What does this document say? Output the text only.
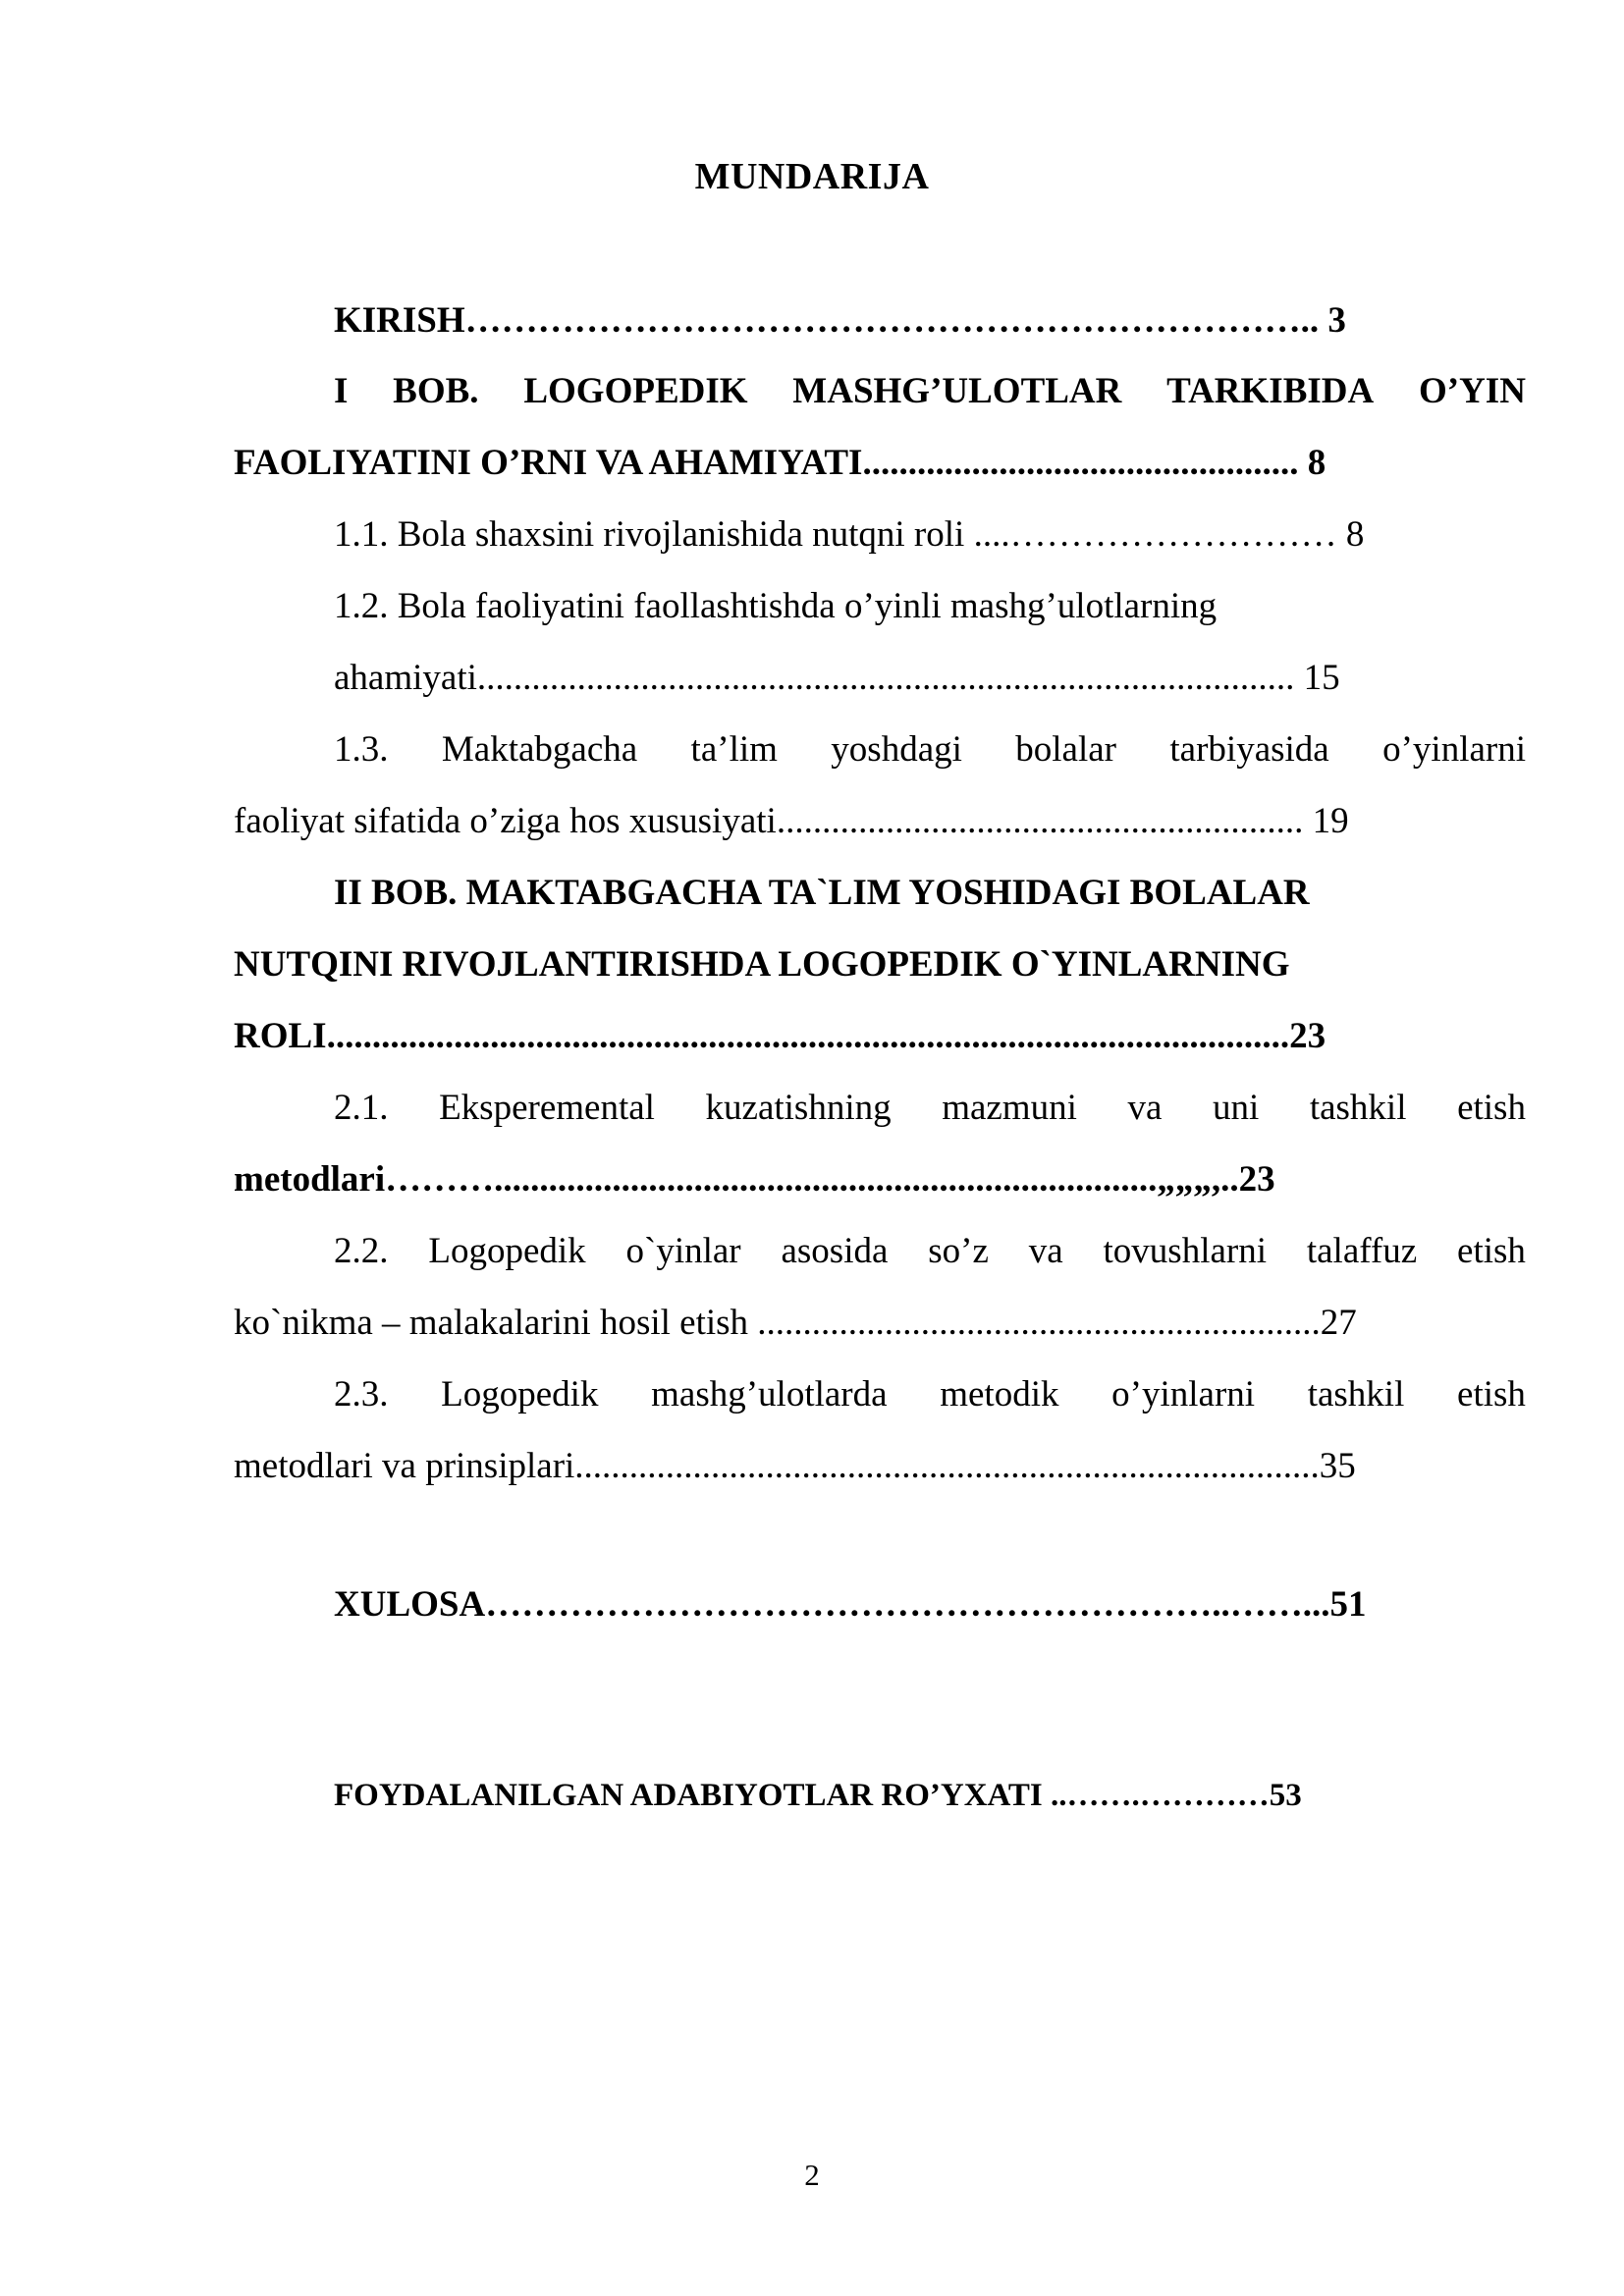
MUNDARIJA
KIRISH…………………………………………………………….. 3
I BOB. LOGOPEDIK MASHG’ULOTLAR TARKIBIDA O’YIN
FAOLIYATINI O’RNI VA AHAMIYATI................................................ 8
1.1. Bola shaxsini rivojlanishida nutqni roli ....……………………… 8
1.2. Bola faoliyatini faollashtishda o’yinli mashg’ulotlarning
ahamiyati.......................................................................................... 15
1.3. Maktabgacha ta’lim yoshdagi bolalar tarbiyasida o’yinlarni
faoliyat sifatida o’ziga hos xususiyati.......................................................... 19
II BOB. MAKTABGACHA TA`LIM YOSHIDAGI BOLALAR
NUTQINI RIVOJLANTIRISHDA LOGOPEDIK O`YINLARNING
ROLI..........................................................................................................23
2.1. Eksperemental kuzatishning mazmuni va uni tashkil etish
metodlari……….........................................................................„„„,..23
2.2. Logopedik o`yinlar asosida so’z va tovushlarni talaffuz etish
ko`nikma – malakalarini hosil etish ..............................................................27
2.3. Logopedik mashg’ulotlarda metodik o’yinlarni tashkil etish
metodlari va prinsiplari..................................................................................35
XULOSA……………………………………………………..……...51
FOYDALANILGAN ADABIYOTLAR RO’YXATI ..…….…………53
2
